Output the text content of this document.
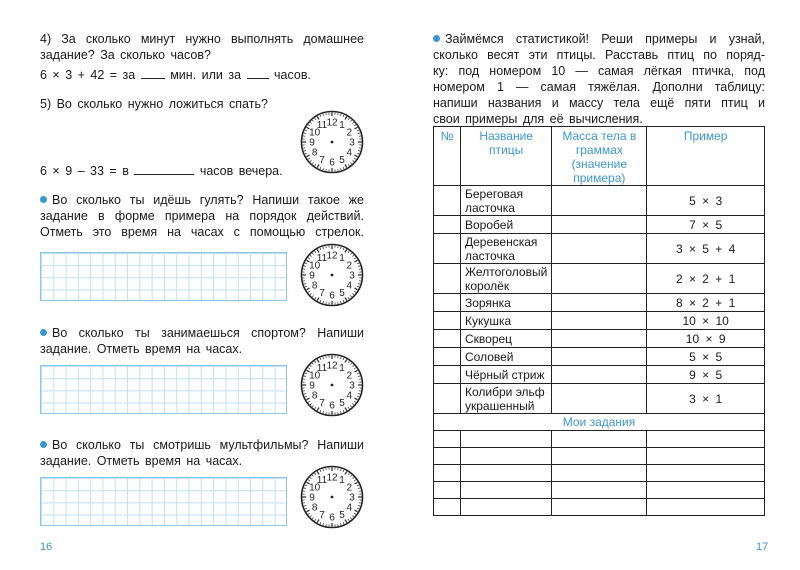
4) За сколько минут нужно выполнять домашнее
задание? За сколько часов?
6 × 3 + 42 = за	мин. или за	часов.
5) Во сколько нужно ложиться спать?
6 × 9 – 33 = в	часов вечера.
Во сколько ты идёшь гулять? Напиши такое же
задание в форме примера на порядок действий.
Отметь это время на часах с помощью стрелок.
Во сколько ты занимаешься спортом? Напиши
задание. Отметь время на часах.
Во сколько ты смотришь мультфильмы? Напиши
задание. Отметь время на часах.
1
2
3
4
5
6
7
8
9
10
11 12
1
2
3
4
5
6
7
8
9
10
11 12
1
2
3
4
5
6
7
8
9
10
11 12
1
2
3
4
5
6
7
8
9
10
11 12
16
Займёмся статистикой! Реши примеры и узнай,
сколько весят эти птицы. Расставь птиц по поряд-
ку: под номером 10 — самая лёгкая птичка, под
номером 1 — самая тяжёлая. Дополни таблицу:
напиши названия и массу тела ещё пяти птиц и
свои примеры для её вычисления.
№	Название птицы	Масса тела в граммах (значение примера)	Пример
	Береговая ласточка		5 × 3
	Воробей		7 × 5
	Деревенская ласточка		3 × 5 + 4
	Желтоголовый королёк		2 × 2 + 1
	Зорянка		8 × 2 + 1
	Кукушка		10 × 10
	Скворец		10 × 9
	Соловей		5 × 5
	Чёрный стриж		9 × 5
	Колибри эльф украшенный		3 × 1
Мои задания			

17
